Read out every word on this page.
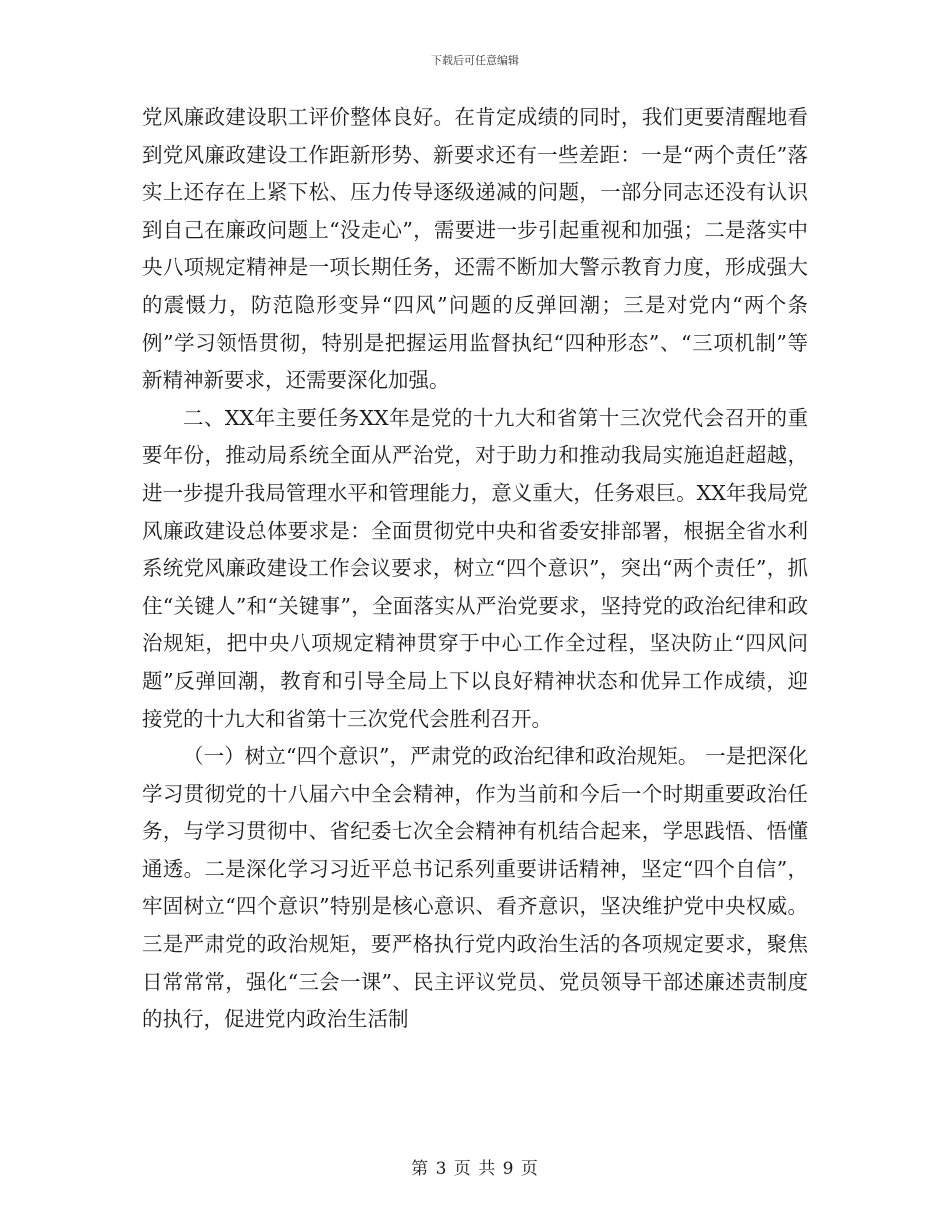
下载后可任意编辑

党风廉政建设职工评价整体良好。在肯定成绩的同时，我们更要清醒地看到党风廉政建设工作距新形势、新要求还有一些差距：一是“两个责任”落实上还存在上紧下松、压力传导逐级递减的问题，一部分同志还没有认识到自己在廉政问题上“没走心”，需要进一步引起重视和加强；二是落实中央八项规定精神是一项长期任务，还需不断加大警示教育力度，形成强大的震慑力，防范隐形变异“四风”问题的反弹回潮；三是对党内“两个条例”学习领悟贯彻，特别是把握运用监督执纪“四种形态”、“三项机制”等新精神新要求，还需要深化加强。

二、XX年主要任务XX年是党的十九大和省第十三次党代会召开的重要年份，推动局系统全面从严治党，对于助力和推动我局实施追赶超越，进一步提升我局管理水平和管理能力，意义重大，任务艰巨。XX年我局党风廉政建设总体要求是：全面贯彻党中央和省委安排部署，根据全省水利系统党风廉政建设工作会议要求，树立“四个意识”，突出“两个责任”，抓住“关键人”和“关键事”，全面落实从严治党要求，坚持党的政治纪律和政治规矩，把中央八项规定精神贯穿于中心工作全过程，坚决防止“四风问题”反弹回潮，教育和引导全局上下以良好精神状态和优异工作成绩，迎接党的十九大和省第十三次党代会胜利召开。

（一）树立“四个意识”，严肃党的政治纪律和政治规矩。 一是把深化学习贯彻党的十八届六中全会精神，作为当前和今后一个时期重要政治任务，与学习贯彻中、省纪委七次全会精神有机结合起来，学思践悟、悟懂通透。二是深化学习习近平总书记系列重要讲话精神，坚定“四个自信”，牢固树立“四个意识”特别是核心意识、看齐意识，坚决维护党中央权威。三是严肃党的政治规矩，要严格执行党内政治生活的各项规定要求，聚焦日常常常，强化“三会一课”、民主评议党员、党员领导干部述廉述责制度的执行，促进党内政治生活制

第 3 页 共 9 页
